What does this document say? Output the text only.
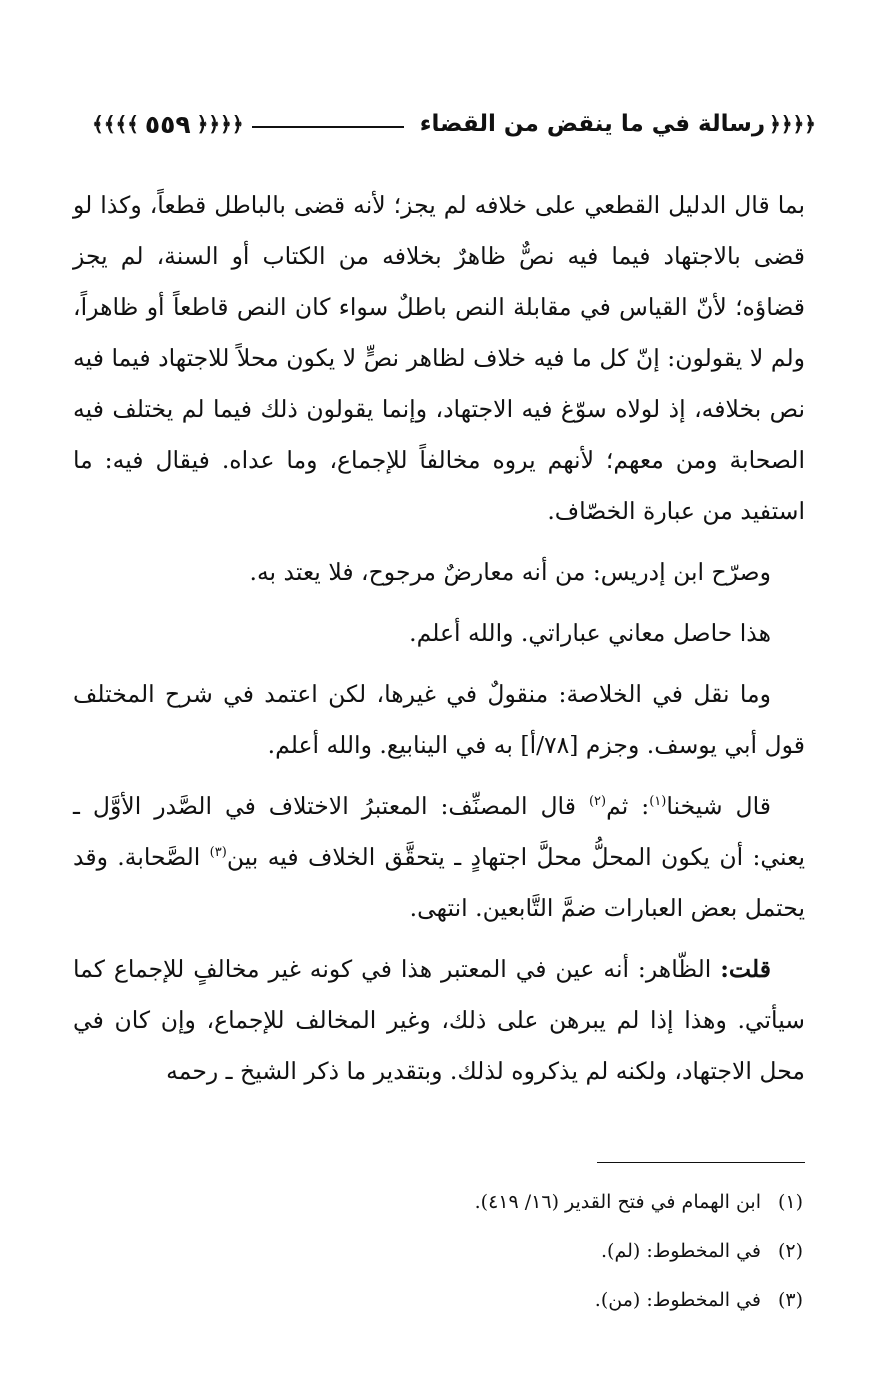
﴿﴿﴿﴿
رسالة في ما ينقض من القضاء
﴿﴿﴿﴿
٥٥٩
﴾﴾﴾﴾

بما قال الدليل القطعي على خلافه لم يجز؛ لأنه قضى بالباطل قطعاً، وكذا لو قضى بالاجتهاد فيما فيه نصٌّ ظاهرٌ بخلافه من الكتاب أو السنة، لم يجز قضاؤه؛ لأنّ القياس في مقابلة النص باطلٌ سواء كان النص قاطعاً أو ظاهراً، ولم لا يقولون: إنّ كل ما فيه خلاف لظاهر نصٍّ لا يكون محلاً للاجتهاد فيما فيه نص بخلافه، إذ لولاه سوّغ فيه الاجتهاد، وإنما يقولون ذلك فيما لم يختلف فيه الصحابة ومن معهم؛ لأنهم يروه مخالفاً للإجماع، وما عداه. فيقال فيه: ما استفيد من عبارة الخصّاف.

وصرّح ابن إدريس: من أنه معارضٌ مرجوح، فلا يعتد به.

هذا حاصل معاني عباراتي. والله أعلم.

وما نقل في الخلاصة: منقولٌ في غيرها، لكن اعتمد في شرح المختلف قول أبي يوسف. وجزم [٧٨/أ] به في الينابيع. والله أعلم.

قال شيخنا$^{(١)}$: ثم$^{(٢)}$ قال المصنِّف: المعتبرُ الاختلاف في الصَّدر الأوَّل ـ يعني: أن يكون المحلُّ محلَّ اجتهادٍ ـ يتحقَّق الخلاف فيه بين$^{(٣)}$ الصَّحابة. وقد يحتمل بعض العبارات ضمَّ التَّابعين. انتهى.

قلت: الظّاهر: أنه عين في المعتبر هذا في كونه غير مخالفٍ للإجماع كما سيأتي. وهذا إذا لم يبرهن على ذلك، وغير المخالف للإجماع، وإن كان في محل الاجتهاد، ولكنه لم يذكروه لذلك. وبتقدير ما ذكر الشيخ ـ رحمه

(١)
ابن الهمام في فتح القدير (١٦/ ٤١٩).
(٢)
في المخطوط: (لم).
(٣)
في المخطوط: (من).
